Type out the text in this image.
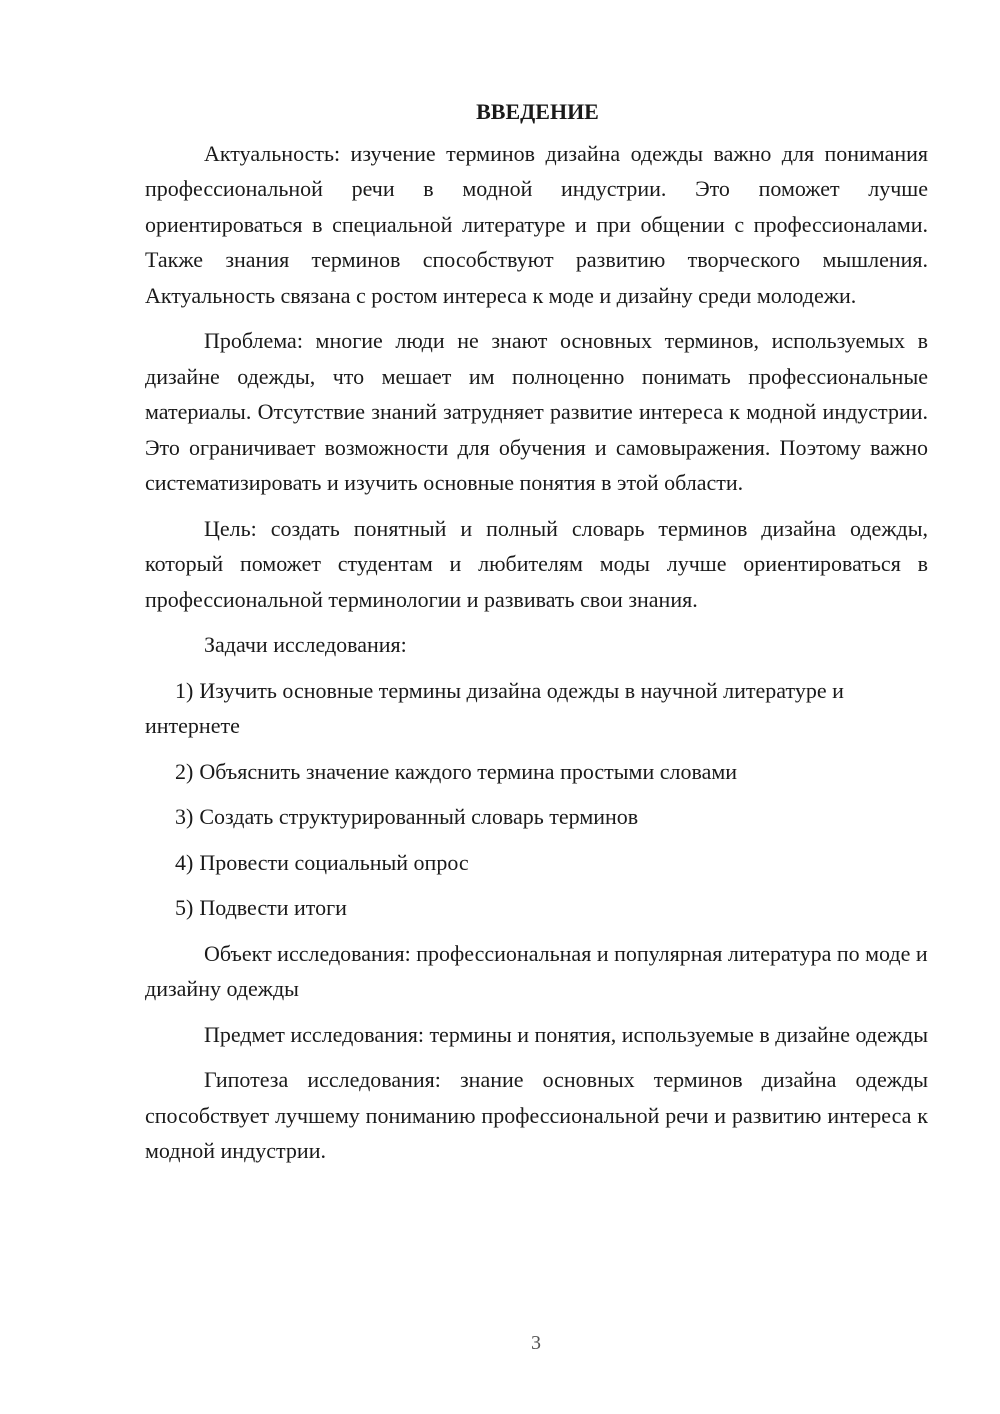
ВВЕДЕНИЕ

Актуальность: изучение терминов дизайна одежды важно для понимания профессиональной речи в модной индустрии. Это поможет лучше ориентироваться в специальной литературе и при общении с профессионалами. Также знания терминов способствуют развитию творческого мышления. Актуальность связана с ростом интереса к моде и дизайну среди молодежи.

Проблема: многие люди не знают основных терминов, используемых в дизайне одежды, что мешает им полноценно понимать профессиональные материалы. Отсутствие знаний затрудняет развитие интереса к модной индустрии. Это ограничивает возможности для обучения и самовыражения. Поэтому важно систематизировать и изучить основные понятия в этой области.

Цель: создать понятный и полный словарь терминов дизайна одежды, который поможет студентам и любителям моды лучше ориентироваться в профессиональной терминологии и развивать свои знания.

Задачи исследования:

1) Изучить основные термины дизайна одежды в научной литературе и интернете

2) Объяснить значение каждого термина простыми словами

3) Создать структурированный словарь терминов

4) Провести социальный опрос

5) Подвести итоги

Объект исследования: профессиональная и популярная литература по моде и дизайну одежды

Предмет исследования: термины и понятия, используемые в дизайне одежды

Гипотеза исследования: знание основных терминов дизайна одежды способствует лучшему пониманию профессиональной речи и развитию интереса к модной индустрии.

3
